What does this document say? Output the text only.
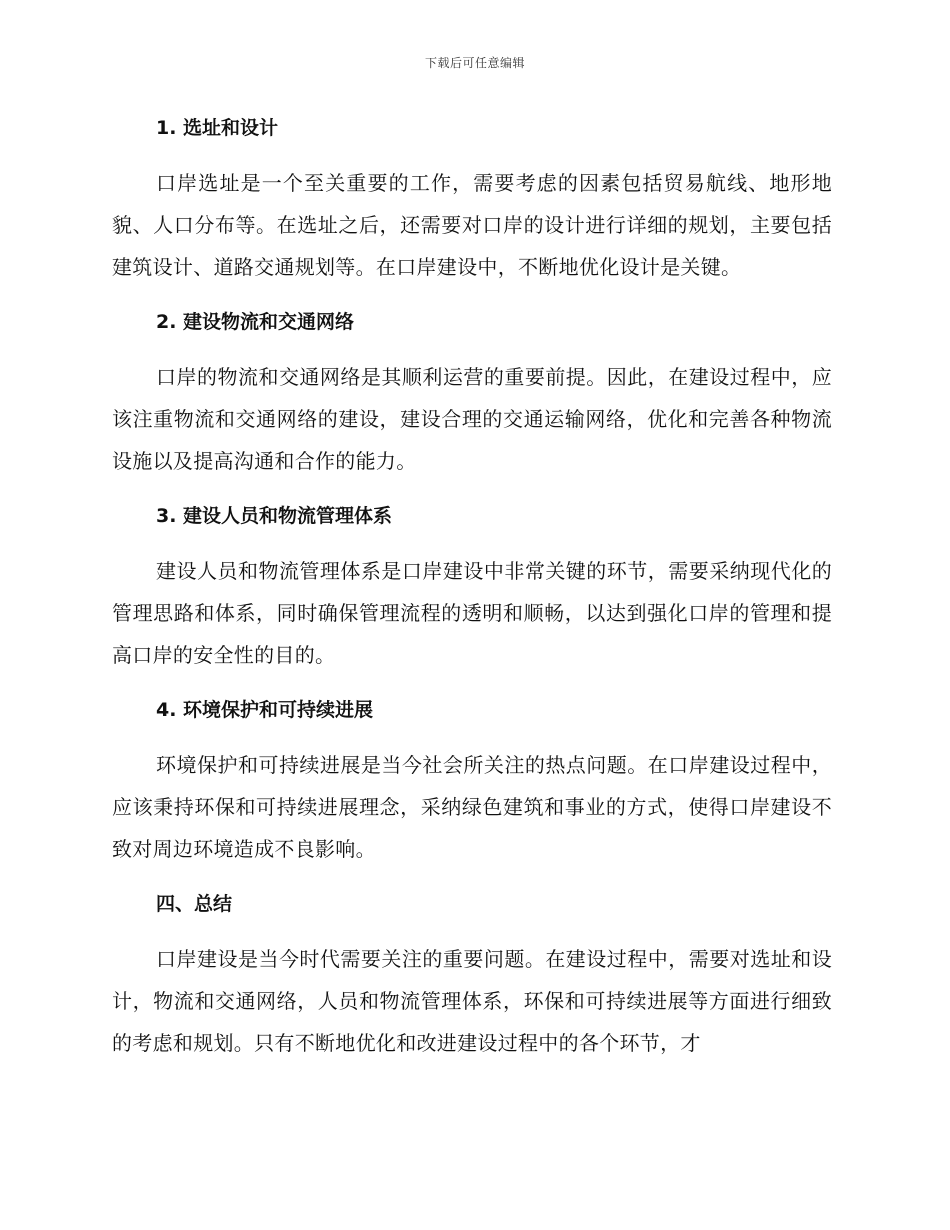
下载后可任意编辑
1. 选址和设计

口岸选址是一个至关重要的工作，需要考虑的因素包括贸易航线、地形地貌、人口分布等。在选址之后，还需要对口岸的设计进行详细的规划，主要包括建筑设计、道路交通规划等。在口岸建设中，不断地优化设计是关键。

2. 建设物流和交通网络

口岸的物流和交通网络是其顺利运营的重要前提。因此，在建设过程中，应该注重物流和交通网络的建设，建设合理的交通运输网络，优化和完善各种物流设施以及提高沟通和合作的能力。

3. 建设人员和物流管理体系

建设人员和物流管理体系是口岸建设中非常关键的环节，需要采纳现代化的管理思路和体系，同时确保管理流程的透明和顺畅，以达到强化口岸的管理和提高口岸的安全性的目的。

4. 环境保护和可持续进展

环境保护和可持续进展是当今社会所关注的热点问题。在口岸建设过程中，应该秉持环保和可持续进展理念，采纳绿色建筑和事业的方式，使得口岸建设不致对周边环境造成不良影响。

四、总结

口岸建设是当今时代需要关注的重要问题。在建设过程中，需要对选址和设计，物流和交通网络，人员和物流管理体系，环保和可持续进展等方面进行细致的考虑和规划。只有不断地优化和改进建设过程中的各个环节，才
